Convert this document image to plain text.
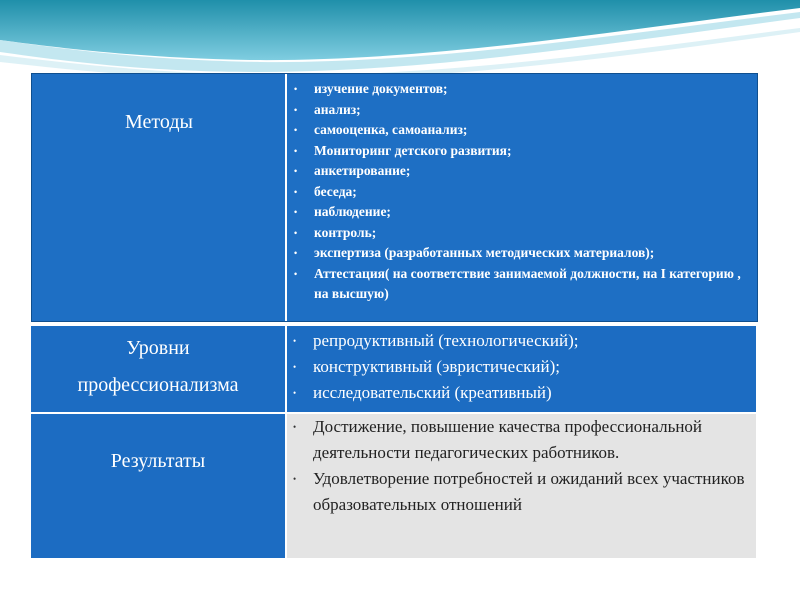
Методы
• изучение документов;
• анализ;
• самооценка, самоанализ;
• Мониторинг детского развития;
• анкетирование;
• беседа;
• наблюдение;
• контроль;
• экспертиза (разработанных методических материалов);
• Аттестация( на соответствие занимаемой должности, на I категорию , на высшую)
Уровни
профессионализма
• репродуктивный (технологический);
• конструктивный (эвристический);
• исследовательский (креативный)
Результаты
• Достижение, повышение качества профессиональной деятельности педагогических работников.
• Удовлетворение потребностей и ожиданий всех участников образовательных отношений
